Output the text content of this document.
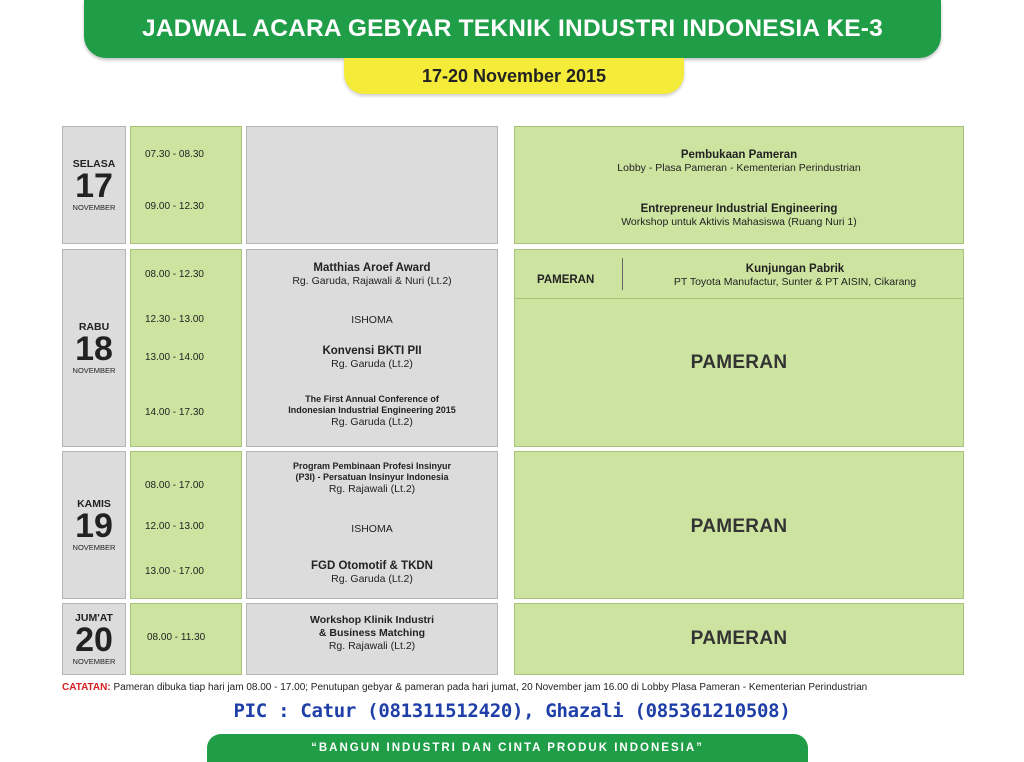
JADWAL ACARA GEBYAR TEKNIK INDUSTRI INDONESIA KE-3
17-20 November 2015
SELASA
17
NOVEMBER
07.30 - 08.30
09.00 - 12.30
Pembukaan Pameran
Lobby - Plasa Pameran - Kementerian Perindustrian
Entrepreneur Industrial Engineering
Workshop untuk Aktivis Mahasiswa (Ruang Nuri 1)
RABU
18
NOVEMBER
08.00 - 12.30
12.30 - 13.00
13.00 - 14.00
14.00 - 17.30
Matthias Aroef Award
Rg. Garuda, Rajawali & Nuri (Lt.2)
ISHOMA
Konvensi BKTI PII
Rg. Garuda (Lt.2)
The First Annual Conference of
Indonesian Industrial Engineering 2015
Rg. Garuda (Lt.2)
PAMERAN
Kunjungan Pabrik
PT Toyota Manufactur, Sunter & PT AISIN, Cikarang
PAMERAN
KAMIS
19
NOVEMBER
08.00 - 17.00
12.00 - 13.00
13.00 - 17.00
Program Pembinaan Profesi Insinyur
(P3I) - Persatuan Insinyur Indonesia
Rg. Rajawali (Lt.2)
ISHOMA
FGD Otomotif & TKDN
Rg. Garuda (Lt.2)
PAMERAN
JUM'AT
20
NOVEMBER
08.00 - 11.30
Workshop Klinik Industri
& Business Matching
Rg. Rajawali (Lt.2)	PAMERAN
CATATAN: Pameran dibuka tiap hari jam 08.00 - 17.00; Penutupan gebyar & pameran pada hari jumat, 20 November jam 16.00 di Lobby Plasa Pameran - Kementerian Perindustrian
PIC : Catur (081311512420), Ghazali (085361210508)
“BANGUN INDUSTRI DAN CINTA PRODUK INDONESIA”
